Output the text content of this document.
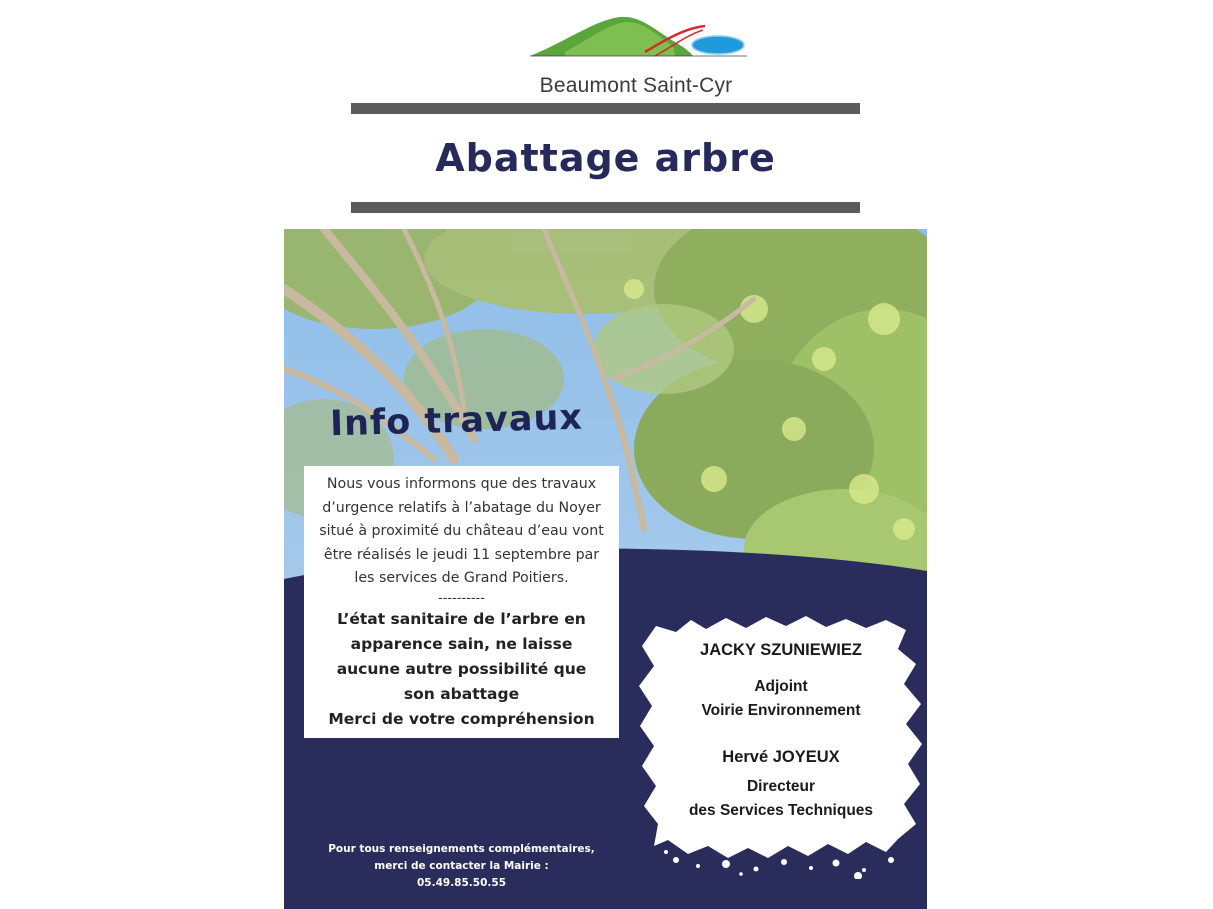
Beaumont Saint-Cyr
Abattage arbre
Info travaux
Nous vous informons que des travaux
d’urgence relatifs à l’abatage du Noyer
situé à proximité du château d’eau vont
être réalisés le jeudi 11 septembre par
les services de Grand Poitiers.
----------
L’état sanitaire de l’arbre en
apparence sain, ne laisse
aucune autre possibilité que
son abattage
Merci de votre compréhension
JACKY SZUNIEWIEZ
Adjoint
Voirie Environnement
Hervé JOYEUX
Directeur
des Services Techniques
Pour tous renseignements complémentaires,
merci de contacter la Mairie :
05.49.85.50.55
